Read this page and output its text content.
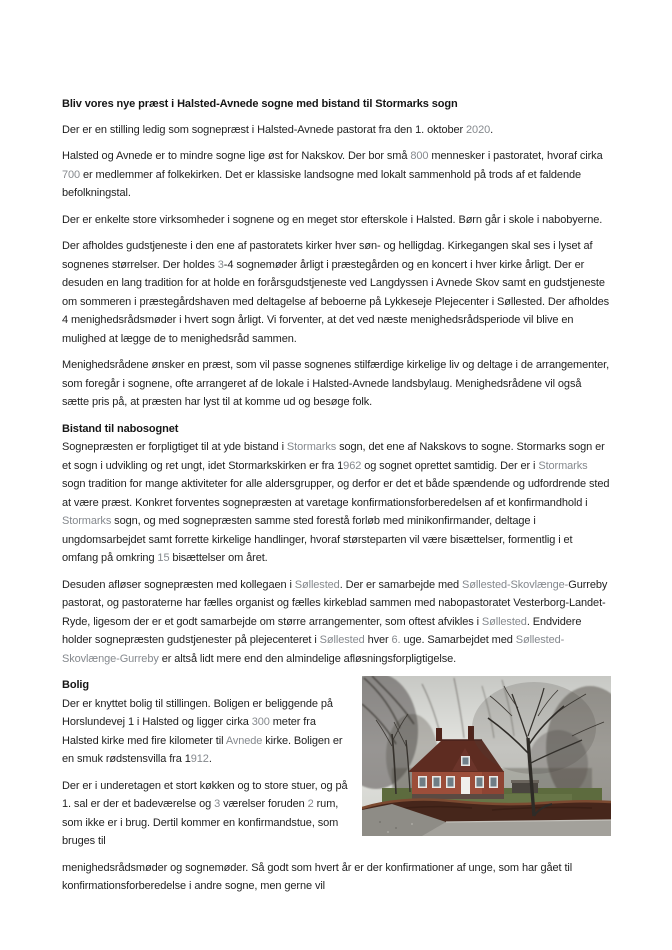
Bliv vores nye præst i Halsted-Avnede sogne med bistand til Stormarks sogn

Der er en stilling ledig som sognepræst i Halsted-Avnede pastorat fra den 1. oktober 2020.

Halsted og Avnede er to mindre sogne lige øst for Nakskov. Der bor små 800 mennesker i pastoratet, hvoraf cirka 700 er medlemmer af folkekirken. Det er klassiske landsogne med lokalt sammenhold på trods af et faldende befolkningstal.

Der er enkelte store virksomheder i sognene og en meget stor efterskole i Halsted. Børn går i skole i nabobyerne.

Der afholdes gudstjeneste i den ene af pastoratets kirker hver søn- og helligdag. Kirkegangen skal ses i lyset af sognenes størrelser. Der holdes 3-4 sognemøder årligt i præstegården og en koncert i hver kirke årligt. Der er desuden en lang tradition for at holde en forårsgudstjeneste ved Langdyssen i Avnede Skov samt en gudstjeneste om sommeren i præstegårdshaven med deltagelse af beboerne på Lykkeseje Plejecenter i Søllested. Der afholdes 4 menighedsrådsmøder i hvert sogn årligt. Vi forventer, at det ved næste menighedsrådsperiode vil blive en mulighed at lægge de to menighedsråd sammen.

Menighedsrådene ønsker en præst, som vil passe sognenes stilfærdige kirkelige liv og deltage i de arrangementer, som foregår i sognene, ofte arrangeret af de lokale i Halsted-Avnede landsbylaug. Menighedsrådene vil også sætte pris på, at præsten har lyst til at komme ud og besøge folk.

Bistand til nabosognet

Sognepræsten er forpligtiget til at yde bistand i Stormarks sogn, det ene af Nakskovs to sogne. Stormarks sogn er et sogn i udvikling og ret ungt, idet Stormarkskirken er fra 1962 og sognet oprettet samtidig. Der er i Stormarks sogn tradition for mange aktiviteter for alle aldersgrupper, og derfor er det et både spændende og udfordrende sted at være præst. Konkret forventes sognepræsten at varetage konfirmationsforberedelsen af et konfirmandhold i Stormarks sogn, og med sognepræsten samme sted forestå forløb med minikonfirmander, deltage i ungdomsarbejdet samt forrette kirkelige handlinger, hvoraf størsteparten vil være bisættelser, formentlig i et omfang på omkring 15 bisættelser om året.

Desuden afløser sognepræsten med kollegaen i Søllested. Der er samarbejde med Søllested-Skovlænge-Gurreby pastorat, og pastoraterne har fælles organist og fælles kirkeblad sammen med nabopastoratet Vesterborg-Landet-Ryde, ligesom der er et godt samarbejde om større arrangementer, som oftest afvikles i Søllested. Endvidere holder sognepræsten gudstjenester på plejecenteret i Søllested hver 6. uge. Samarbejdet med Søllested-Skovlænge-Gurreby er altså lidt mere end den almindelige afløsningsforpligtigelse.

Bolig

Der er knyttet bolig til stillingen. Boligen er beliggende på Horslundevej 1 i Halsted og ligger cirka 300 meter fra Halsted kirke med fire kilometer til Avnede kirke. Boligen er en smuk rødstensvilla fra 1912.

Der er i underetagen et stort køkken og to store stuer, og på 1. sal er der et badeværelse og 3 værelser foruden 2 rum, som ikke er i brug. Dertil kommer en konfirmandstue, som bruges til

menighedsrådsmøder og sognemøder. Så godt som hvert år er der konfirmationer af unge, som har gået til konfirmationsforberedelse i andre sogne, men gerne vil
